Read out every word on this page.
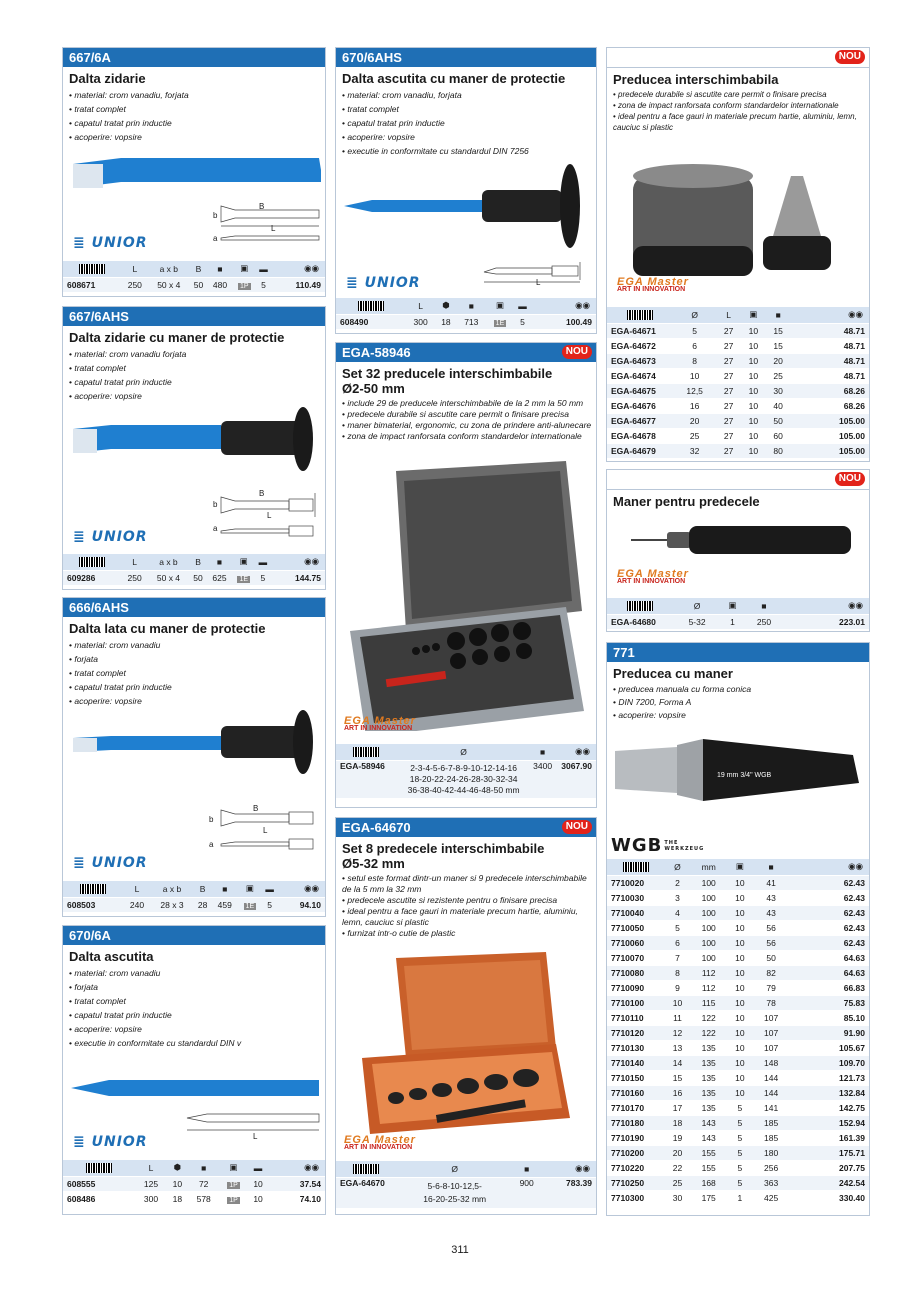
667/6A
Dalta zidarie
• material: crom vanadiu, forjata
• tratat complet
• capatul tratat prin inductie
• acoperire: vopsire
b
B
L
a
≣ UNIOR
	L	a x b	B	■	▣	▬	◉◉
608671	250	50 x 4	50	480	1P	5	110.49
667/6AHS
Dalta zidarie cu maner de protectie
• material: crom vanadiu forjata
• tratat complet
• capatul tratat prin inductie
• acoperire: vopsire
b
B
L
a
≣ UNIOR
	L	a x b	B	■	▣	▬	◉◉
609286	250	50 x 4	50	625	1E	5	144.75
666/6AHS
Dalta lata cu maner de protectie
• material: crom vanadiu
• forjata
• tratat complet
• capatul tratat prin inductie
• acoperire: vopsire
b
B
L
a
≣ UNIOR
	L	a x b	B	■	▣	▬	◉◉
608503	240	28 x 3	28	459	1E	5	94.10
670/6A
Dalta ascutita
• material: crom vanadiu
• forjata
• tratat complet
• capatul tratat prin inductie
• acoperire: vopsire
• executie in conformitate cu standardul DIN v
L
≣ UNIOR
	L	⬢	■	▣	▬	◉◉
608555	125	10	72	1P	10	37.54
608486	300	18	578	1P	10	74.10
670/6AHS
Dalta ascutita cu maner de protectie
• material: crom vanadiu, forjata
• tratat complet
• capatul tratat prin inductie
• acoperire: vopsire
• executie in conformitate cu standardul DIN 7256
L
≣ UNIOR
	L	⬢	■	▣	▬	◉◉
608490	300	18	713	1E	5	100.49
EGA-58946	NOU
Set 32 preducele interschimbabile Ø2-50 mm
• include 29 de preducele interschimbabile de la 2 mm la 50 mm
• predecele durabile si ascutite care permit o finisare precisa
• maner bimaterial, ergonomic, cu zona de prindere anti-alunecare
• zona de impact ranforsata conform standardelor internationale
EGA Master
ART IN INNOVATION
	Ø	■	◉◉
EGA-58946	2-3-4-5-6-7-8-9-10-12-14-16
18-20-22-24-26-28-30-32-34
36-38-40-42-44-46-48-50 mm	3400	3067.90
EGA-64670	NOU
Set 8 predecele interschimbabile Ø5-32 mm
• setul este format dintr-un maner si 9 predecele interschimbabile de la 5 mm la 32 mm
• predecele ascutite si rezistente pentru o finisare precisa
• ideal pentru a face gauri in materiale precum hartie, aluminiu, lemn, cauciuc si plastic
• furnizat intr-o cutie de plastic
EGA Master
ART IN INNOVATION
	Ø	■	◉◉
EGA-64670	5-6-8-10-12,5-
16-20-25-32 mm	900	783.39
NOU
Preducea interschimbabila
• predecele durabile si ascutite care permit o finisare precisa
• zona de impact ranforsata conform standardelor internationale
• ideal pentru a face gauri in materiale precum hartie, aluminiu, lemn, cauciuc si plastic
EGA Master
ART IN INNOVATION
	Ø	L	▣	■	◉◉
EGA-64671	5	27	10	15	48.71
EGA-64672	6	27	10	15	48.71
EGA-64673	8	27	10	20	48.71
EGA-64674	10	27	10	25	48.71
EGA-64675	12,5	27	10	30	68.26
EGA-64676	16	27	10	40	68.26
EGA-64677	20	27	10	50	105.00
EGA-64678	25	27	10	60	105.00
EGA-64679	32	27	10	80	105.00
NOU
Maner pentru predecele
EGA Master
ART IN INNOVATION
	Ø	▣	■	◉◉
EGA-64680	5-32	1	250	223.01
771
Preducea cu maner
• preducea manuala cu forma conica
• DIN 7200, Forma A
• acoperire: vopsire
19 mm 3/4" WGB
WGB THE WERKZEUG
	Ø	mm	▣	■	◉◉
7710020	2	100	10	41	62.43
7710030	3	100	10	43	62.43
7710040	4	100	10	43	62.43
7710050	5	100	10	56	62.43
7710060	6	100	10	56	62.43
7710070	7	100	10	50	64.63
7710080	8	112	10	82	64.63
7710090	9	112	10	79	66.83
7710100	10	115	10	78	75.83
7710110	11	122	10	107	85.10
7710120	12	122	10	107	91.90
7710130	13	135	10	107	105.67
7710140	14	135	10	148	109.70
7710150	15	135	10	144	121.73
7710160	16	135	10	144	132.84
7710170	17	135	5	141	142.75
7710180	18	143	5	185	152.94
7710190	19	143	5	185	161.39
7710200	20	155	5	180	175.71
7710220	22	155	5	256	207.75
7710250	25	168	5	363	242.54
7710300	30	175	1	425	330.40
311
